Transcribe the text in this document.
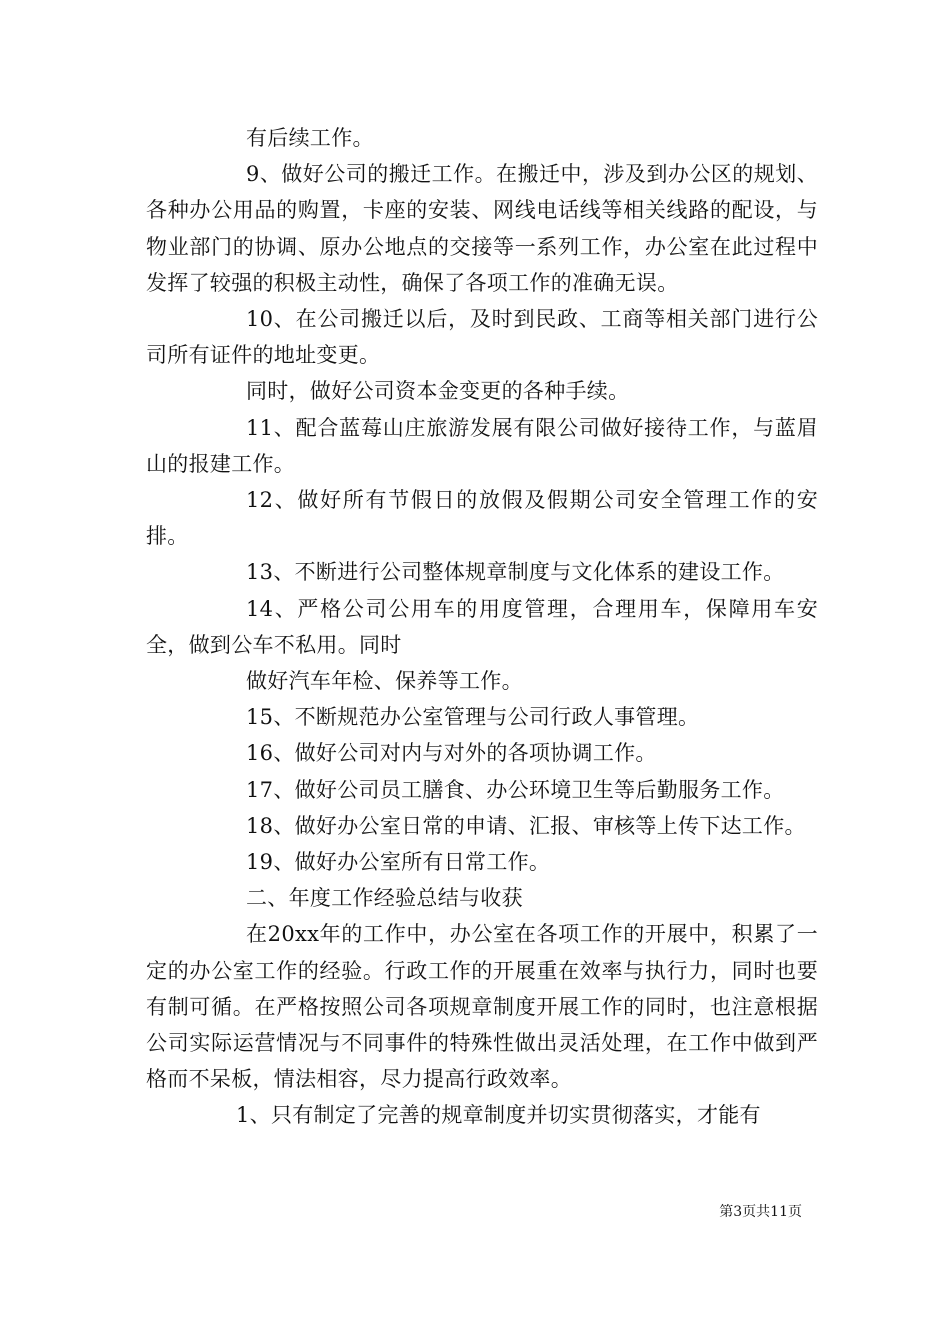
有后续工作。

9、做好公司的搬迁工作。在搬迁中，涉及到办公区的规划、各种办公用品的购置，卡座的安装、网线电话线等相关线路的配设，与物业部门的协调、原办公地点的交接等一系列工作，办公室在此过程中发挥了较强的积极主动性，确保了各项工作的准确无误。

10、在公司搬迁以后，及时到民政、工商等相关部门进行公司所有证件的地址变更。

同时，做好公司资本金变更的各种手续。

11、配合蓝莓山庄旅游发展有限公司做好接待工作，与蓝眉山的报建工作。

12、做好所有节假日的放假及假期公司安全管理工作的安排。

13、不断进行公司整体规章制度与文化体系的建设工作。

14、严格公司公用车的用度管理，合理用车，保障用车安全，做到公车不私用。同时

做好汽车年检、保养等工作。

15、不断规范办公室管理与公司行政人事管理。

16、做好公司对内与对外的各项协调工作。

17、做好公司员工膳食、办公环境卫生等后勤服务工作。

18、做好办公室日常的申请、汇报、审核等上传下达工作。

19、做好办公室所有日常工作。

二、年度工作经验总结与收获

在20xx年的工作中，办公室在各项工作的开展中，积累了一定的办公室工作的经验。行政工作的开展重在效率与执行力，同时也要有制可循。在严格按照公司各项规章制度开展工作的同时，也注意根据公司实际运营情况与不同事件的特殊性做出灵活处理，在工作中做到严格而不呆板，情法相容，尽力提高行政效率。

1、只有制定了完善的规章制度并切实贯彻落实，才能有

第3页共11页
